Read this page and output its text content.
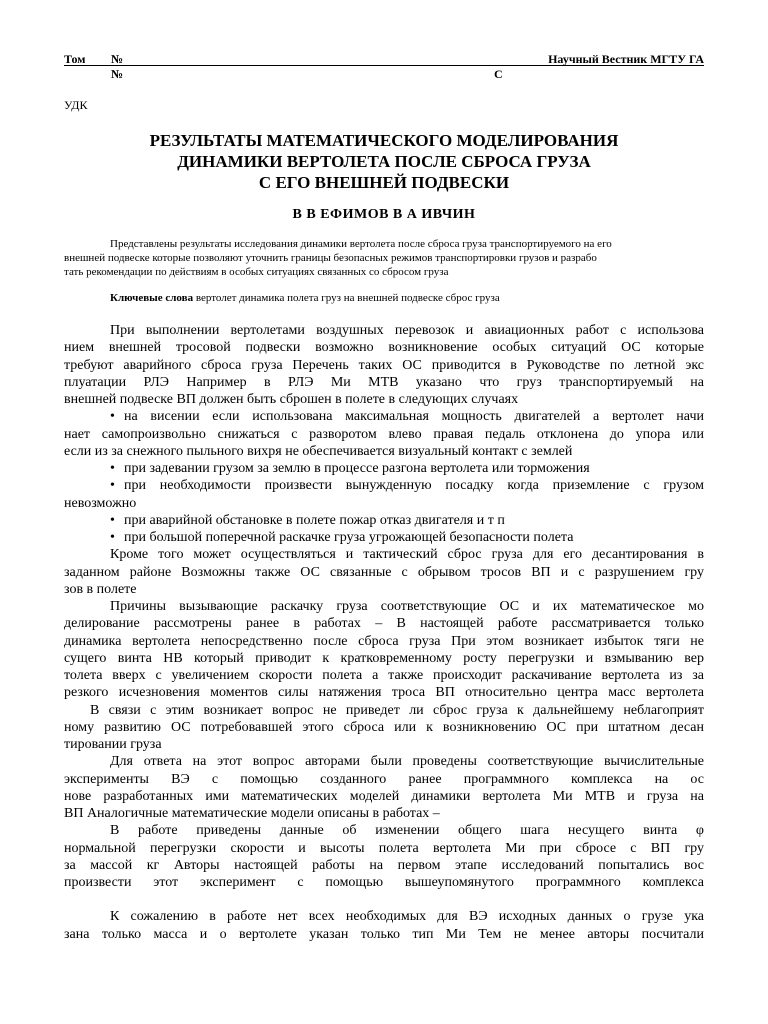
Том №	Научный Вестник МГТУ ГА
№	С
УДК
РЕЗУЛЬТАТЫ МАТЕМАТИЧЕСКОГО МОДЕЛИРОВАНИЯ
ДИНАМИКИ ВЕРТОЛЕТА ПОСЛЕ СБРОСА ГРУЗА
С ЕГО ВНЕШНЕЙ ПОДВЕСКИ
В В ЕФИМОВ В А ИВЧИН
Представлены результаты исследования динамики вертолета после сброса груза транспортируемого на его
внешней подвеске которые позволяют уточнить границы безопасных режимов транспортировки грузов и разрабо
тать рекомендации по действиям в особых ситуациях связанных со сбросом груза
Ключевые слова вертолет динамика полета груз на внешней подвеске сброс груза
При выполнении вертолетами воздушных перевозок и авиационных работ с использова
нием внешней тросовой подвески возможно возникновение особых ситуаций ОС которые
требуют аварийного сброса груза Перечень таких ОС приводится в Руководстве по летной экс
плуатации РЛЭ Например в РЛЭ Ми МТВ указано что груз транспортируемый на
внешней подвеске ВП должен быть сброшен в полете в следующих случаях
• на висении если использована максимальная мощность двигателей а вертолет начи
нает самопроизвольно снижаться с разворотом влево правая педаль отклонена до упора или
если из за снежного пыльного вихря не обеспечивается визуальный контакт с землей
• при задевании грузом за землю в процессе разгона вертолета или торможения
• при необходимости произвести вынужденную посадку когда приземление с грузом
невозможно
• при аварийной обстановке в полете пожар отказ двигателя и т п
• при большой поперечной раскачке груза угрожающей безопасности полета
Кроме того может осуществляться и тактический сброс груза для его десантирования в
заданном районе Возможны также ОС связанные с обрывом тросов ВП и с разрушением гру
зов в полете
Причины вызывающие раскачку груза соответствующие ОС и их математическое мо
делирование рассмотрены ранее в работах – В настоящей работе рассматривается только
динамика вертолета непосредственно после сброса груза При этом возникает избыток тяги не
сущего винта НВ который приводит к кратковременному росту перегрузки и взмыванию вер
толета вверх с увеличением скорости полета а также происходит раскачивание вертолета из за
резкого исчезновения моментов силы натяжения троса ВП относительно центра масс вертолета
В связи с этим возникает вопрос не приведет ли сброс груза к дальнейшему неблагоприят
ному развитию ОС потребовавшей этого сброса или к возникновению ОС при штатном десан
тировании груза
Для ответа на этот вопрос авторами были проведены соответствующие вычислительные
эксперименты ВЭ с помощью созданного ранее программного комплекса на ос
нове разработанных ими математических моделей динамики вертолета Ми МТВ и груза на
ВП Аналогичные математические модели описаны в работах –
В работе приведены данные об изменении общего шага несущего винта φ
нормальной перегрузки скорости и высоты полета вертолета Ми при сбросе с ВП гру
за массой кг Авторы настоящей работы на первом этапе исследований попытались вос
произвести этот эксперимент с помощью вышеупомянутого программного комплекса
К сожалению в работе нет всех необходимых для ВЭ исходных данных о грузе ука
зана только масса и о вертолете указан только тип Ми Тем не менее авторы посчитали
